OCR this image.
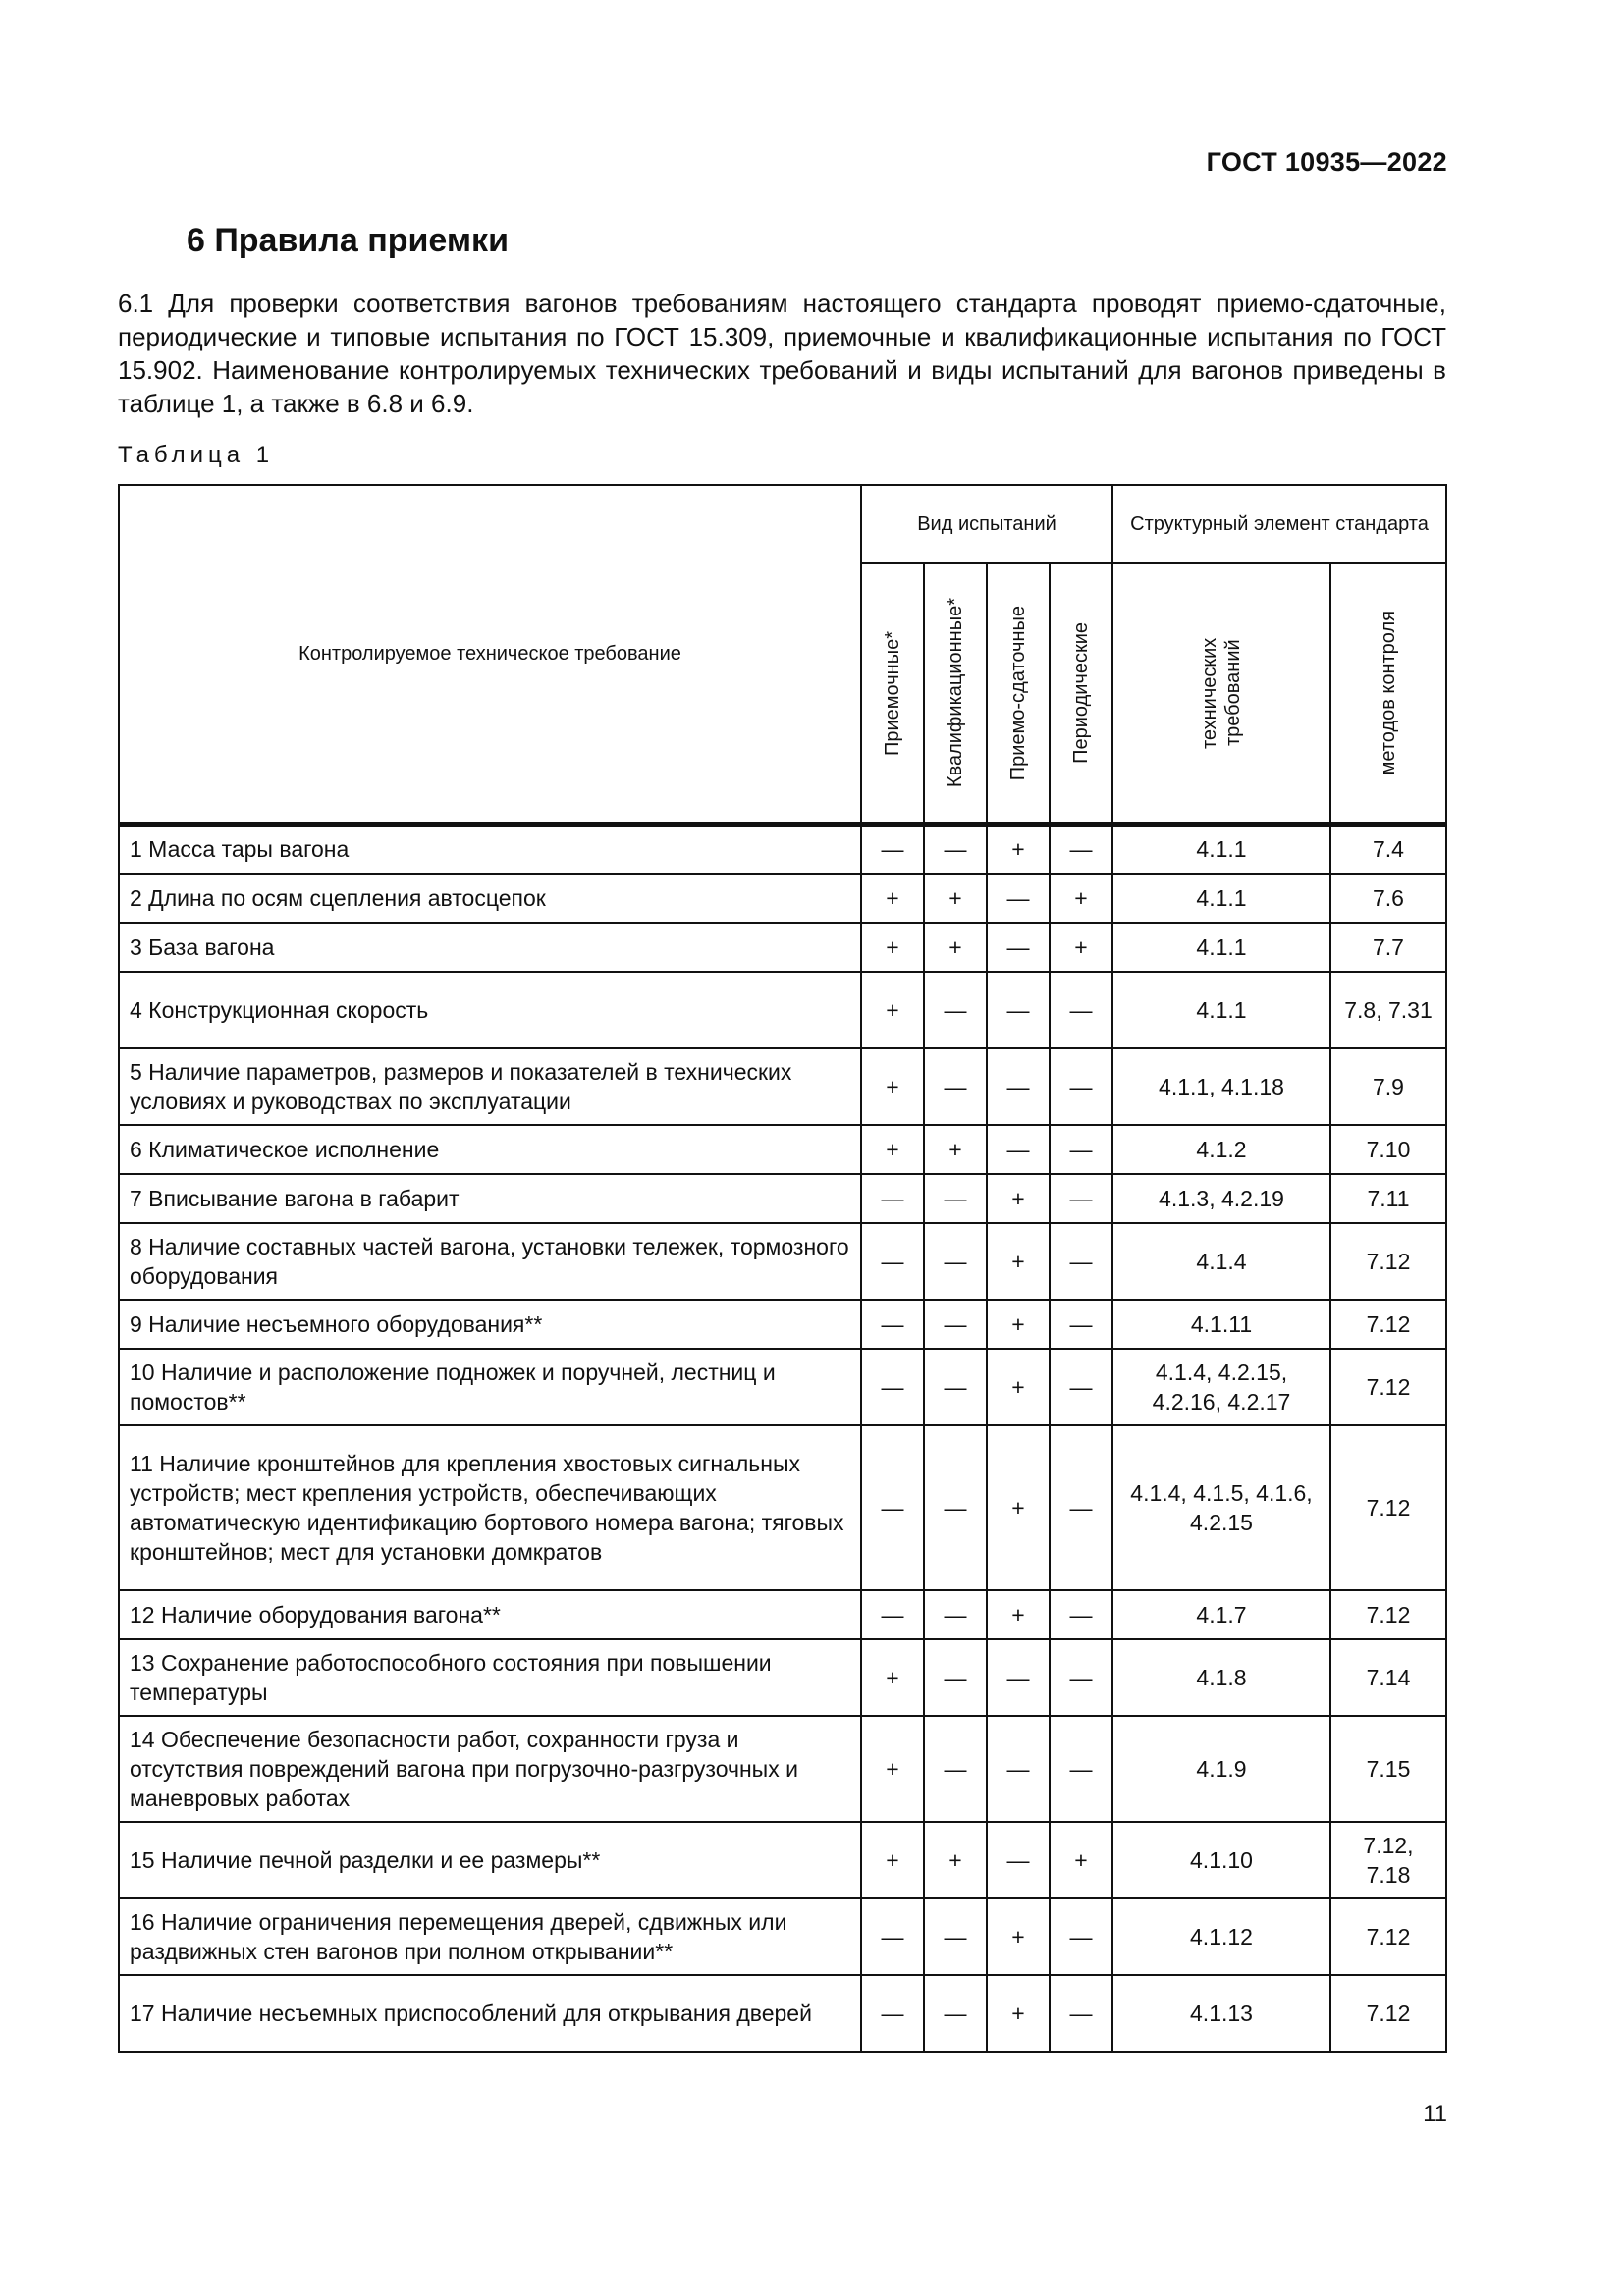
ГОСТ 10935—2022
6 Правила приемки

6.1 Для проверки соответствия вагонов требованиям настоящего стандарта проводят приемо-сдаточные, периодические и типовые испытания по ГОСТ 15.309, приемочные и квалификационные испытания по ГОСТ 15.902. Наименование контролируемых технических требований и виды испытаний для вагонов приведены в таблице 1, а также в 6.8 и 6.9.

Таблица 1
Контролируемое техническое требование	Вид испытаний				Структурный элемент стандарта	

	Приемочные*	Квалификационные*	Приемо-сдаточные	Периодические	технических требований	методов контроля

1 Масса тары вагона	—	—	+	—	4.1.1	7.4
2 Длина по осям сцепления автосцепок	+	+	—	+	4.1.1	7.6
3 База вагона	+	+	—	+	4.1.1	7.7
4 Конструкционная скорость	+	—	—	—	4.1.1	7.8, 7.31
5 Наличие параметров, размеров и показателей в технических условиях и руководствах по эксплуатации	+	—	—	—	4.1.1, 4.1.18	7.9
6 Климатическое исполнение	+	+	—	—	4.1.2	7.10
7 Вписывание вагона в габарит	—	—	+	—	4.1.3, 4.2.19	7.11
8 Наличие составных частей вагона, установки тележек, тормозного оборудования	—	—	+	—	4.1.4	7.12
9 Наличие несъемного оборудования**	—	—	+	—	4.1.11	7.12
10 Наличие и расположение подножек и поручней, лестниц и помостов**	—	—	+	—	4.1.4, 4.2.15, 4.2.16, 4.2.17	7.12
11 Наличие кронштейнов для крепления хвостовых сигнальных устройств; мест крепления устройств, обеспечивающих автоматическую идентификацию бортового номера вагона; тяговых кронштейнов; мест для установки домкратов	—	—	+	—	4.1.4, 4.1.5, 4.1.6, 4.2.15	7.12
12 Наличие оборудования вагона**	—	—	+	—	4.1.7	7.12
13 Сохранение работоспособного состояния при повышении температуры	+	—	—	—	4.1.8	7.14
14 Обеспечение безопасности работ, сохранности груза и отсутствия повреждений вагона при погрузочно-разгрузочных и маневровых работах	+	—	—	—	4.1.9	7.15
15 Наличие печной разделки и ее размеры**	+	+	—	+	4.1.10	7.12, 7.18
16 Наличие ограничения перемещения дверей, сдвижных или раздвижных стен вагонов при полном открывании**	—	—	+	—	4.1.12	7.12
17 Наличие несъемных приспособлений для открывания дверей	—	—	+	—	4.1.13	7.12
11
